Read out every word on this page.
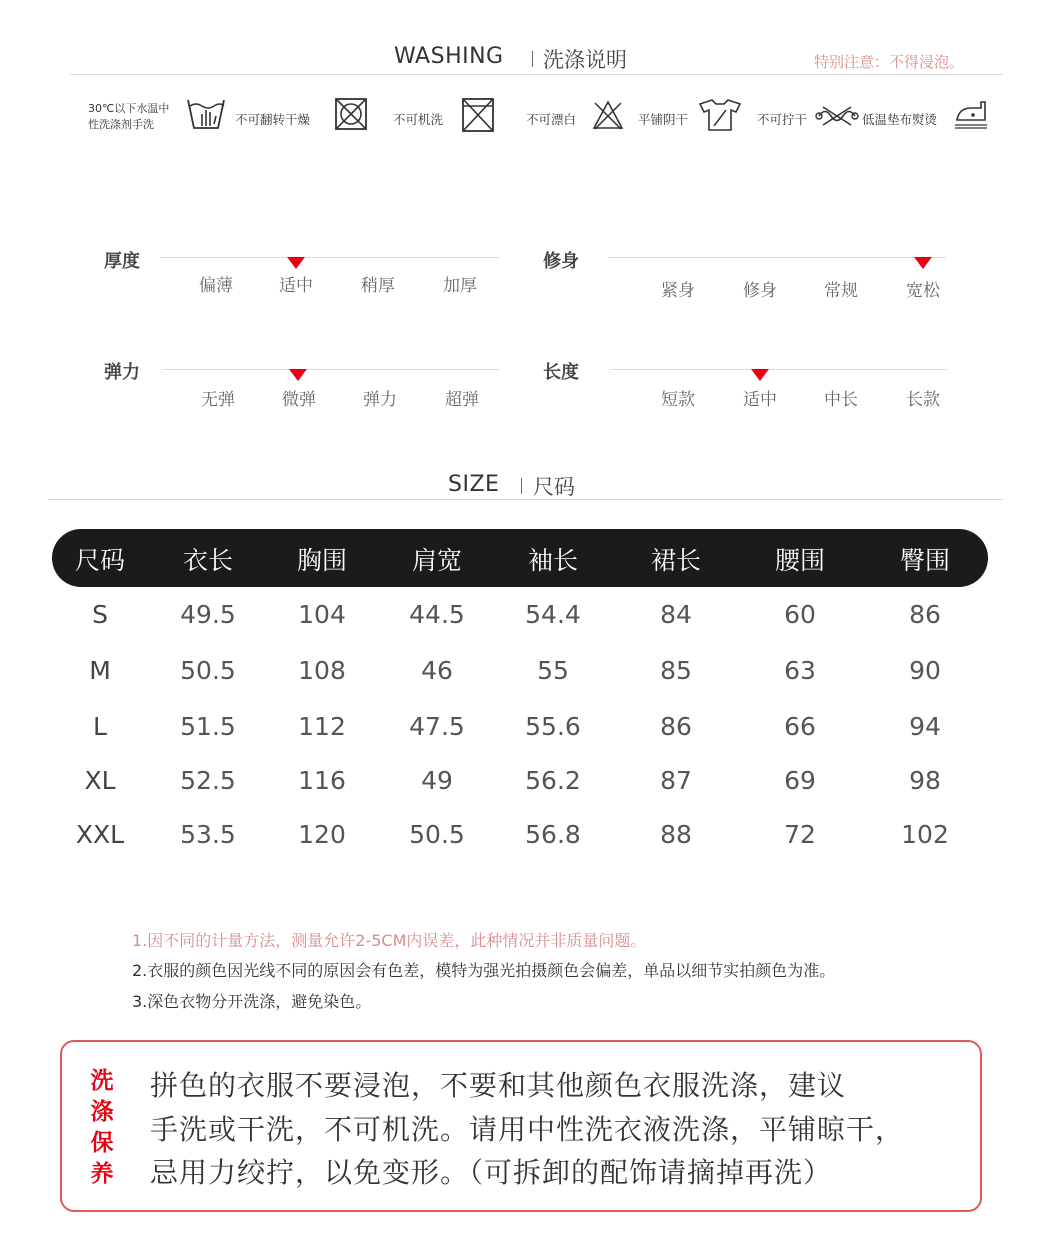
WASHING 洗涤说明	特别注意：不得浸泡。
30℃以下水温中
性洗涤剂手洗	不可翻转干燥	不可机洗	不可漂白	平铺阴干	不可拧干	低温垫布熨烫
厚度
偏薄	适中	稍厚	加厚
修身
紧身	修身	常规	宽松
弹力
无弹	微弹	弹力	超弹
长度
短款	适中	中长	长款
SIZE 尺码
尺码	衣长	胸围	肩宽	袖长	裙长	腰围	臀围
S	49.5	104	44.5	54.4	84	60	86
M	50.5	108	46	55	85	63	90
L	51.5	112	47.5	55.6	86	66	94
XL	52.5	116	49	56.2	87	69	98
XXL	53.5	120	50.5	56.8	88	72	102
1.因不同的计量方法，测量允许2-5CM内误差，此种情况并非质量问题。
2.衣服的颜色因光线不同的原因会有色差，模特为强光拍摄颜色会偏差，单品以细节实拍颜色为准。
3.深色衣物分开洗涤，避免染色。
洗
涤
保
养
拼色的衣服不要浸泡，不要和其他颜色衣服洗涤，建议
手洗或干洗，不可机洗。请用中性洗衣液洗涤，平铺晾干，
忌用力绞拧，以免变形。（可拆卸的配饰请摘掉再洗）
